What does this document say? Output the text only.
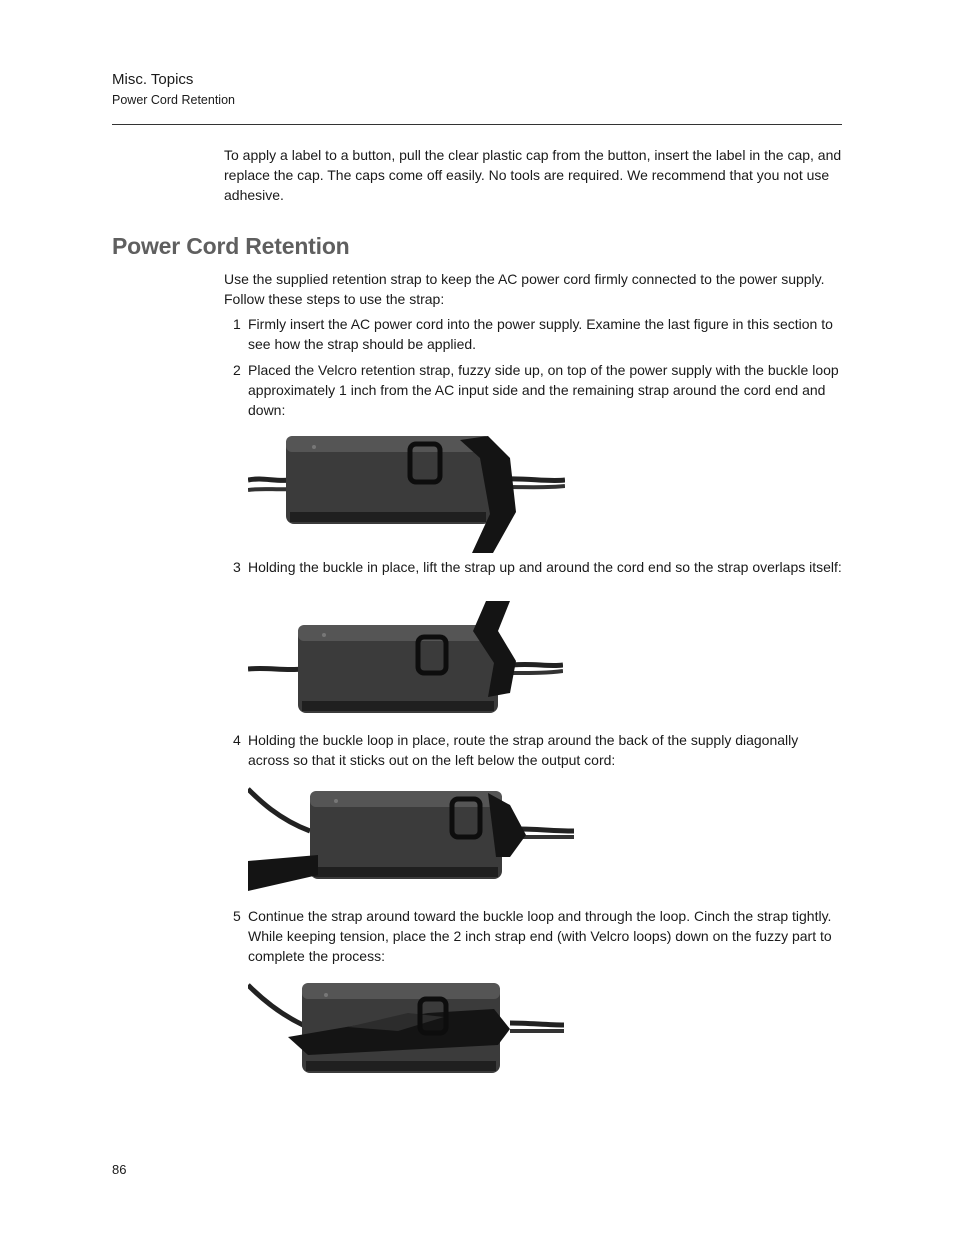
Misc. Topics
Power Cord Retention

To apply a label to a button, pull the clear plastic cap from the button, insert the label in the cap, and replace the cap. The caps come off easily. No tools are required. We recommend that you not use adhesive.

Power Cord Retention

Use the supplied retention strap to keep the AC power cord firmly connected to the power supply. Follow these steps to use the strap:

1 Firmly insert the AC power cord into the power supply. Examine the last figure in this section to see how the strap should be applied.
2 Placed the Velcro retention strap, fuzzy side up, on top of the power supply with the buckle loop approximately 1 inch from the AC input side and the remaining strap around the cord end and down:
3 Holding the buckle in place, lift the strap up and around the cord end so the strap overlaps itself:
4 Holding the buckle loop in place, route the strap around the back of the supply diagonally across so that it sticks out on the left below the output cord:
5 Continue the strap around toward the buckle loop and through the loop. Cinch the strap tightly. While keeping tension, place the 2 inch strap end (with Velcro loops) down on the fuzzy part to complete the process:
86
